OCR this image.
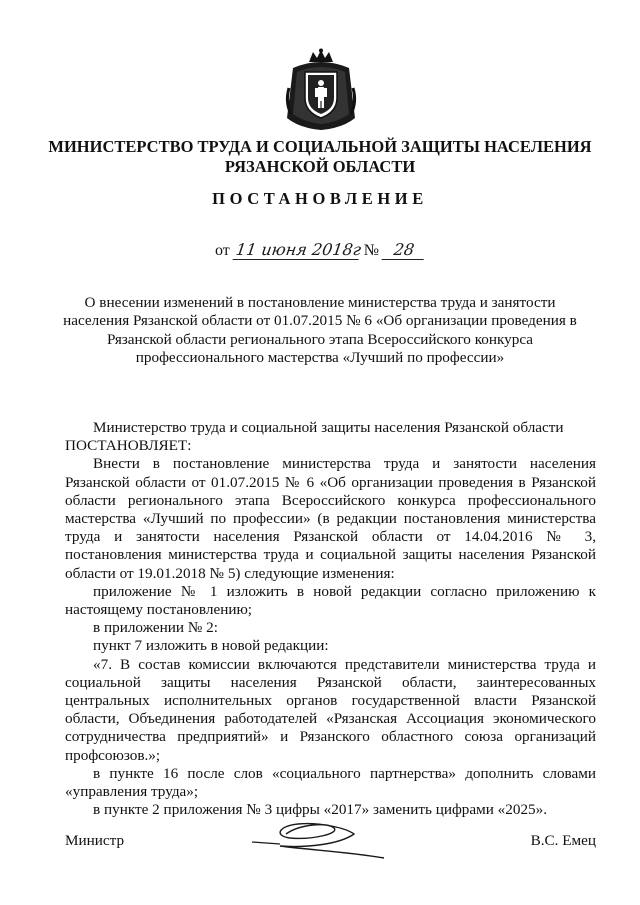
МИНИСТЕРСТВО ТРУДА И СОЦИАЛЬНОЙ ЗАЩИТЫ НАСЕЛЕНИЯ
РЯЗАНСКОЙ ОБЛАСТИ
ПОСТАНОВЛЕНИЕ
от 11 июня 2018г № 28
О внесении изменений в постановление министерства труда и занятости
населения Рязанской области от 01.07.2015 № 6 «Об организации проведения в
Рязанской области регионального этапа Всероссийского конкурса
профессионального мастерства «Лучший по профессии»

Министерство труда и социальной защиты населения Рязанской области

ПОСТАНОВЛЯЕТ:

Внести в постановление министерства труда и занятости населения Рязанской области от 01.07.2015 № 6 «Об организации проведения в Рязанской области регионального этапа Всероссийского конкурса профессионального мастерства «Лучший по профессии» (в редакции постановления министерства труда и занятости населения Рязанской области от 14.04.2016 № 3, постановления министерства труда и социальной защиты населения Рязанской области от 19.01.2018 № 5) следующие изменения:

приложение № 1 изложить в новой редакции согласно приложению к настоящему постановлению;

в приложении № 2:

пункт 7 изложить в новой редакции:

«7. В состав комиссии включаются представители министерства труда и социальной защиты населения Рязанской области, заинтересованных центральных исполнительных органов государственной власти Рязанской области, Объединения работодателей «Рязанская Ассоциация экономического сотрудничества предприятий» и Рязанского областного союза организаций профсоюзов.»;

в пункте 16 после слов «социального партнерства» дополнить словами «управления труда»;

в пункте 2 приложения № 3 цифры «2017» заменить цифрами «2025».

Министр	В.С. Емец
